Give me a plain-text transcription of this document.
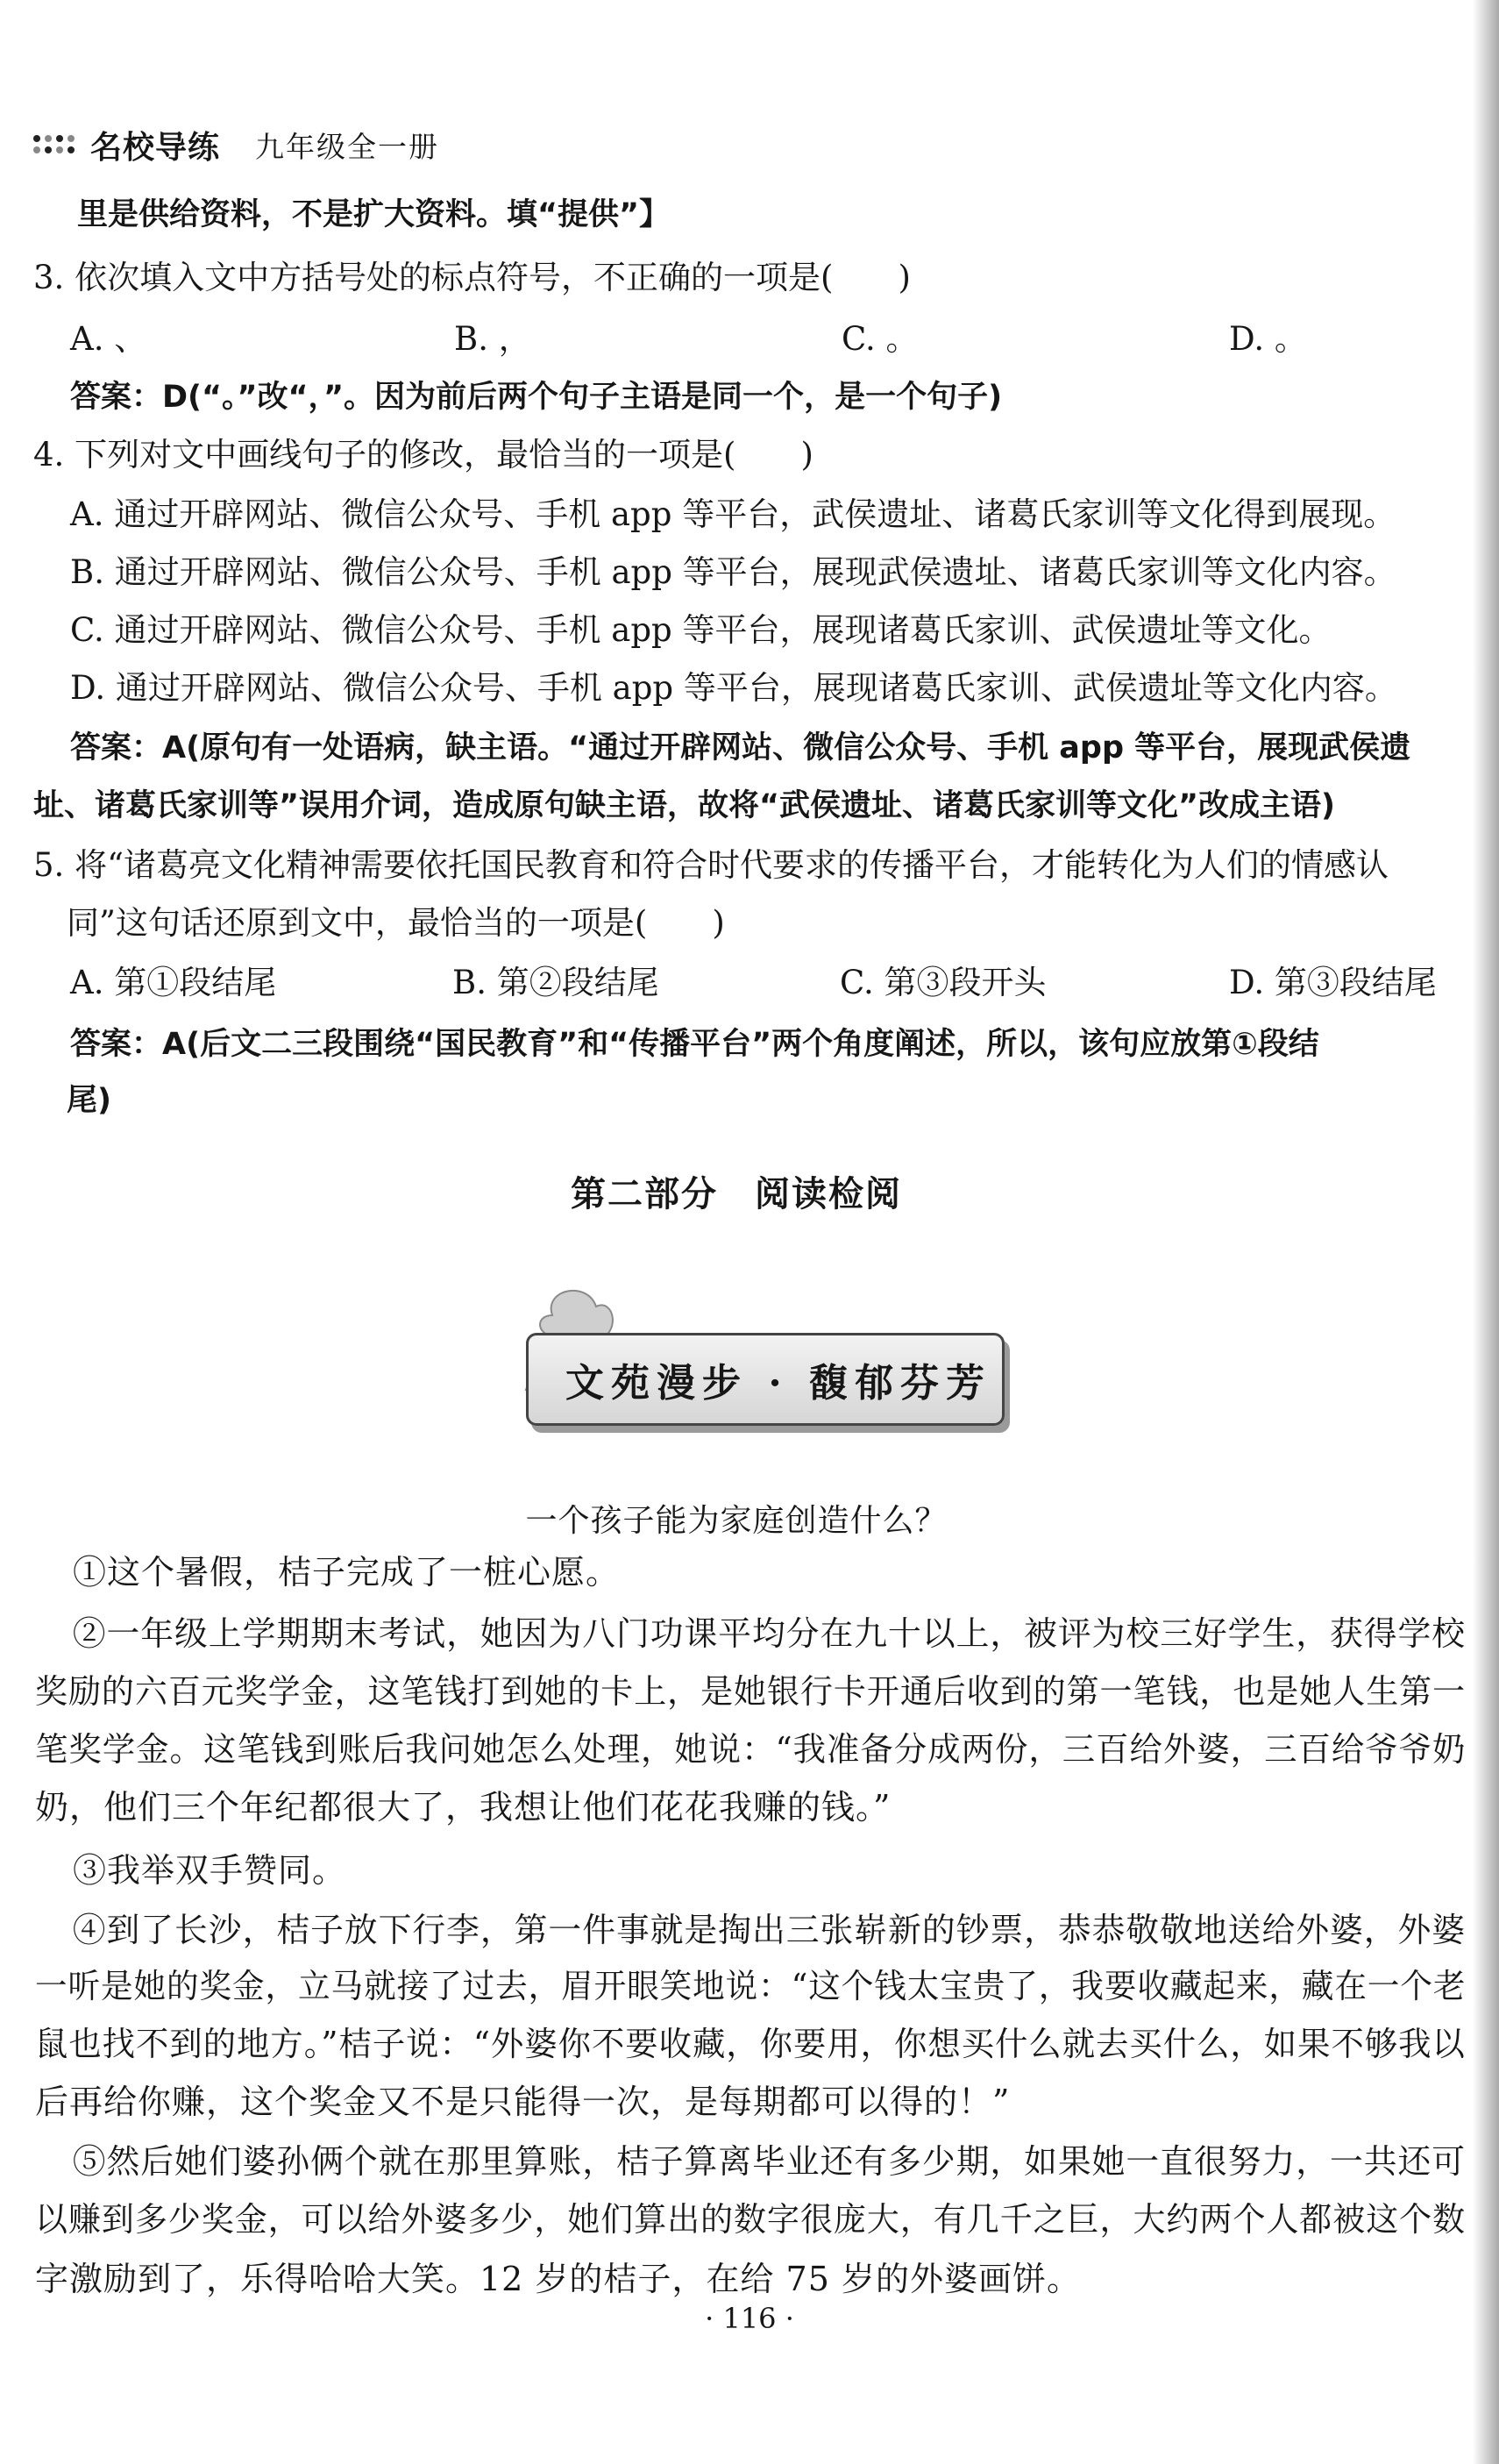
名校导练 九年级全一册
里是供给资料，不是扩大资料。填“提供”】
3. 依次填入文中方括号处的标点符号，不正确的一项是(　　)
A. 、	B. ，	C. 。	D. 。
答案：D(“。”改“，”。因为前后两个句子主语是同一个，是一个句子)
4. 下列对文中画线句子的修改，最恰当的一项是(　　)
A. 通过开辟网站、微信公众号、手机 app 等平台，武侯遗址、诸葛氏家训等文化得到展现。
B. 通过开辟网站、微信公众号、手机 app 等平台，展现武侯遗址、诸葛氏家训等文化内容。
C. 通过开辟网站、微信公众号、手机 app 等平台，展现诸葛氏家训、武侯遗址等文化。
D. 通过开辟网站、微信公众号、手机 app 等平台，展现诸葛氏家训、武侯遗址等文化内容。
答案：A(原句有一处语病，缺主语。“通过开辟网站、微信公众号、手机 app 等平台，展现武侯遗
址、诸葛氏家训等”误用介词，造成原句缺主语，故将“武侯遗址、诸葛氏家训等文化”改成主语)
5. 将“诸葛亮文化精神需要依托国民教育和符合时代要求的传播平台，才能转化为人们的情感认
同”这句话还原到文中，最恰当的一项是(　　)
A. 第①段结尾	B. 第②段结尾	C. 第③段开头	D. 第③段结尾
答案：A(后文二三段围绕“国民教育”和“传播平台”两个角度阐述，所以，该句应放第①段结
尾)
第二部分　阅读检阅
文苑漫步 · 馥郁芬芳
一个孩子能为家庭创造什么？
　①这个暑假，桔子完成了一桩心愿。
　②一年级上学期期末考试，她因为八门功课平均分在九十以上，被评为校三好学生，获得学校
奖励的六百元奖学金，这笔钱打到她的卡上，是她银行卡开通后收到的第一笔钱，也是她人生第一
笔奖学金。这笔钱到账后我问她怎么处理，她说：“我准备分成两份，三百给外婆，三百给爷爷奶
奶，他们三个年纪都很大了，我想让他们花花我赚的钱。”
　③我举双手赞同。
　④到了长沙，桔子放下行李，第一件事就是掏出三张崭新的钞票，恭恭敬敬地送给外婆，外婆
一听是她的奖金，立马就接了过去，眉开眼笑地说：“这个钱太宝贵了，我要收藏起来，藏在一个老
鼠也找不到的地方。”桔子说：“外婆你不要收藏，你要用，你想买什么就去买什么，如果不够我以
后再给你赚，这个奖金又不是只能得一次，是每期都可以得的！”
　⑤然后她们婆孙俩个就在那里算账，桔子算离毕业还有多少期，如果她一直很努力，一共还可
以赚到多少奖金，可以给外婆多少，她们算出的数字很庞大，有几千之巨，大约两个人都被这个数
字激励到了，乐得哈哈大笑。12 岁的桔子，在给 75 岁的外婆画饼。
· 116 ·
